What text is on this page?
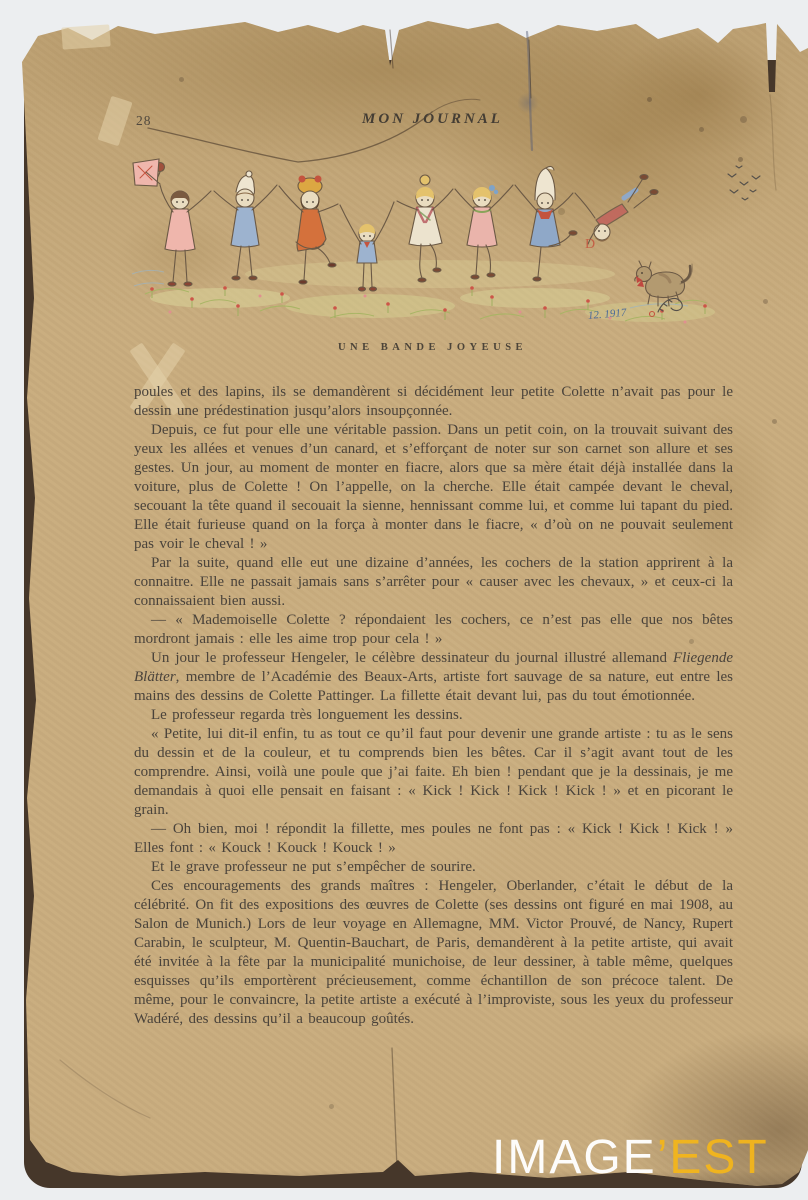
28	MON JOURNAL
12. 1917
D
UNE BANDE JOYEUSE

poules et des lapins, ils se demandèrent si décidément leur petite Colette n’avait pas pour le dessin une prédestination jusqu’alors insoupçonnée.

Depuis, ce fut pour elle une véritable passion. Dans un petit coin, on la trouvait suivant des yeux les allées et venues d’un canard, et s’efforçant de noter sur son carnet son allure et ses gestes. Un jour, au moment de monter en fiacre, alors que sa mère était déjà installée dans la voiture, plus de Colette ! On l’appelle, on la cherche. Elle était campée devant le cheval, secouant la tête quand il secouait la sienne, hennissant comme lui, et comme lui tapant du pied. Elle était furieuse quand on la força à monter dans le fiacre, « d’où on ne pouvait seulement pas voir le cheval ! »

Par la suite, quand elle eut une dizaine d’années, les cochers de la station apprirent à la connaitre. Elle ne passait jamais sans s’arrêter pour « causer avec les chevaux, » et ceux-ci la connaissaient bien aussi.

— « Mademoiselle Colette ? répondaient les cochers, ce n’est pas elle que nos bêtes mordront jamais : elle les aime trop pour cela ! »

Un jour le professeur Hengeler, le célèbre dessinateur du journal illustré allemand Fliegende Blätter, membre de l’Académie des Beaux-Arts, artiste fort sauvage de sa nature, eut entre les mains des dessins de Colette Pattinger. La fillette était devant lui, pas du tout émotionnée.

Le professeur regarda très longuement les dessins.

« Petite, lui dit-il enfin, tu as tout ce qu’il faut pour devenir une grande artiste : tu as le sens du dessin et de la couleur, et tu comprends bien les bêtes. Car il s’agit avant tout de les comprendre. Ainsi, voilà une poule que j’ai faite. Eh bien ! pendant que je la dessinais, je me demandais à quoi elle pensait en faisant : « Kick ! Kick ! Kick ! Kick ! » et en picorant le grain.

— Oh bien, moi ! répondit la fillette, mes poules ne font pas : « Kick ! Kick ! Kick ! » Elles font : « Kouck ! Kouck ! Kouck ! »

Et le grave professeur ne put s’empêcher de sourire.

Ces encouragements des grands maîtres : Hengeler, Oberlander, c’était le début de la célébrité. On fit des expositions des œuvres de Colette (ses dessins ont figuré en mai 1908, au Salon de Munich.) Lors de leur voyage en Allemagne, MM. Victor Prouvé, de Nancy, Rupert Carabin, le sculpteur, M. Quentin-Bauchart, de Paris, demandèrent à la petite artiste, qui avait été invitée à la fête par la municipalité munichoise, de leur dessiner, à table même, quelques esquisses qu’ils emportèrent précieusement, comme échantillon de son précoce talent. De même, pour le convaincre, la petite artiste a exécuté à l’improviste, sous les yeux du professeur Wadéré, des dessins qu’il a beaucoup goûtés.

IMAGE’EST
